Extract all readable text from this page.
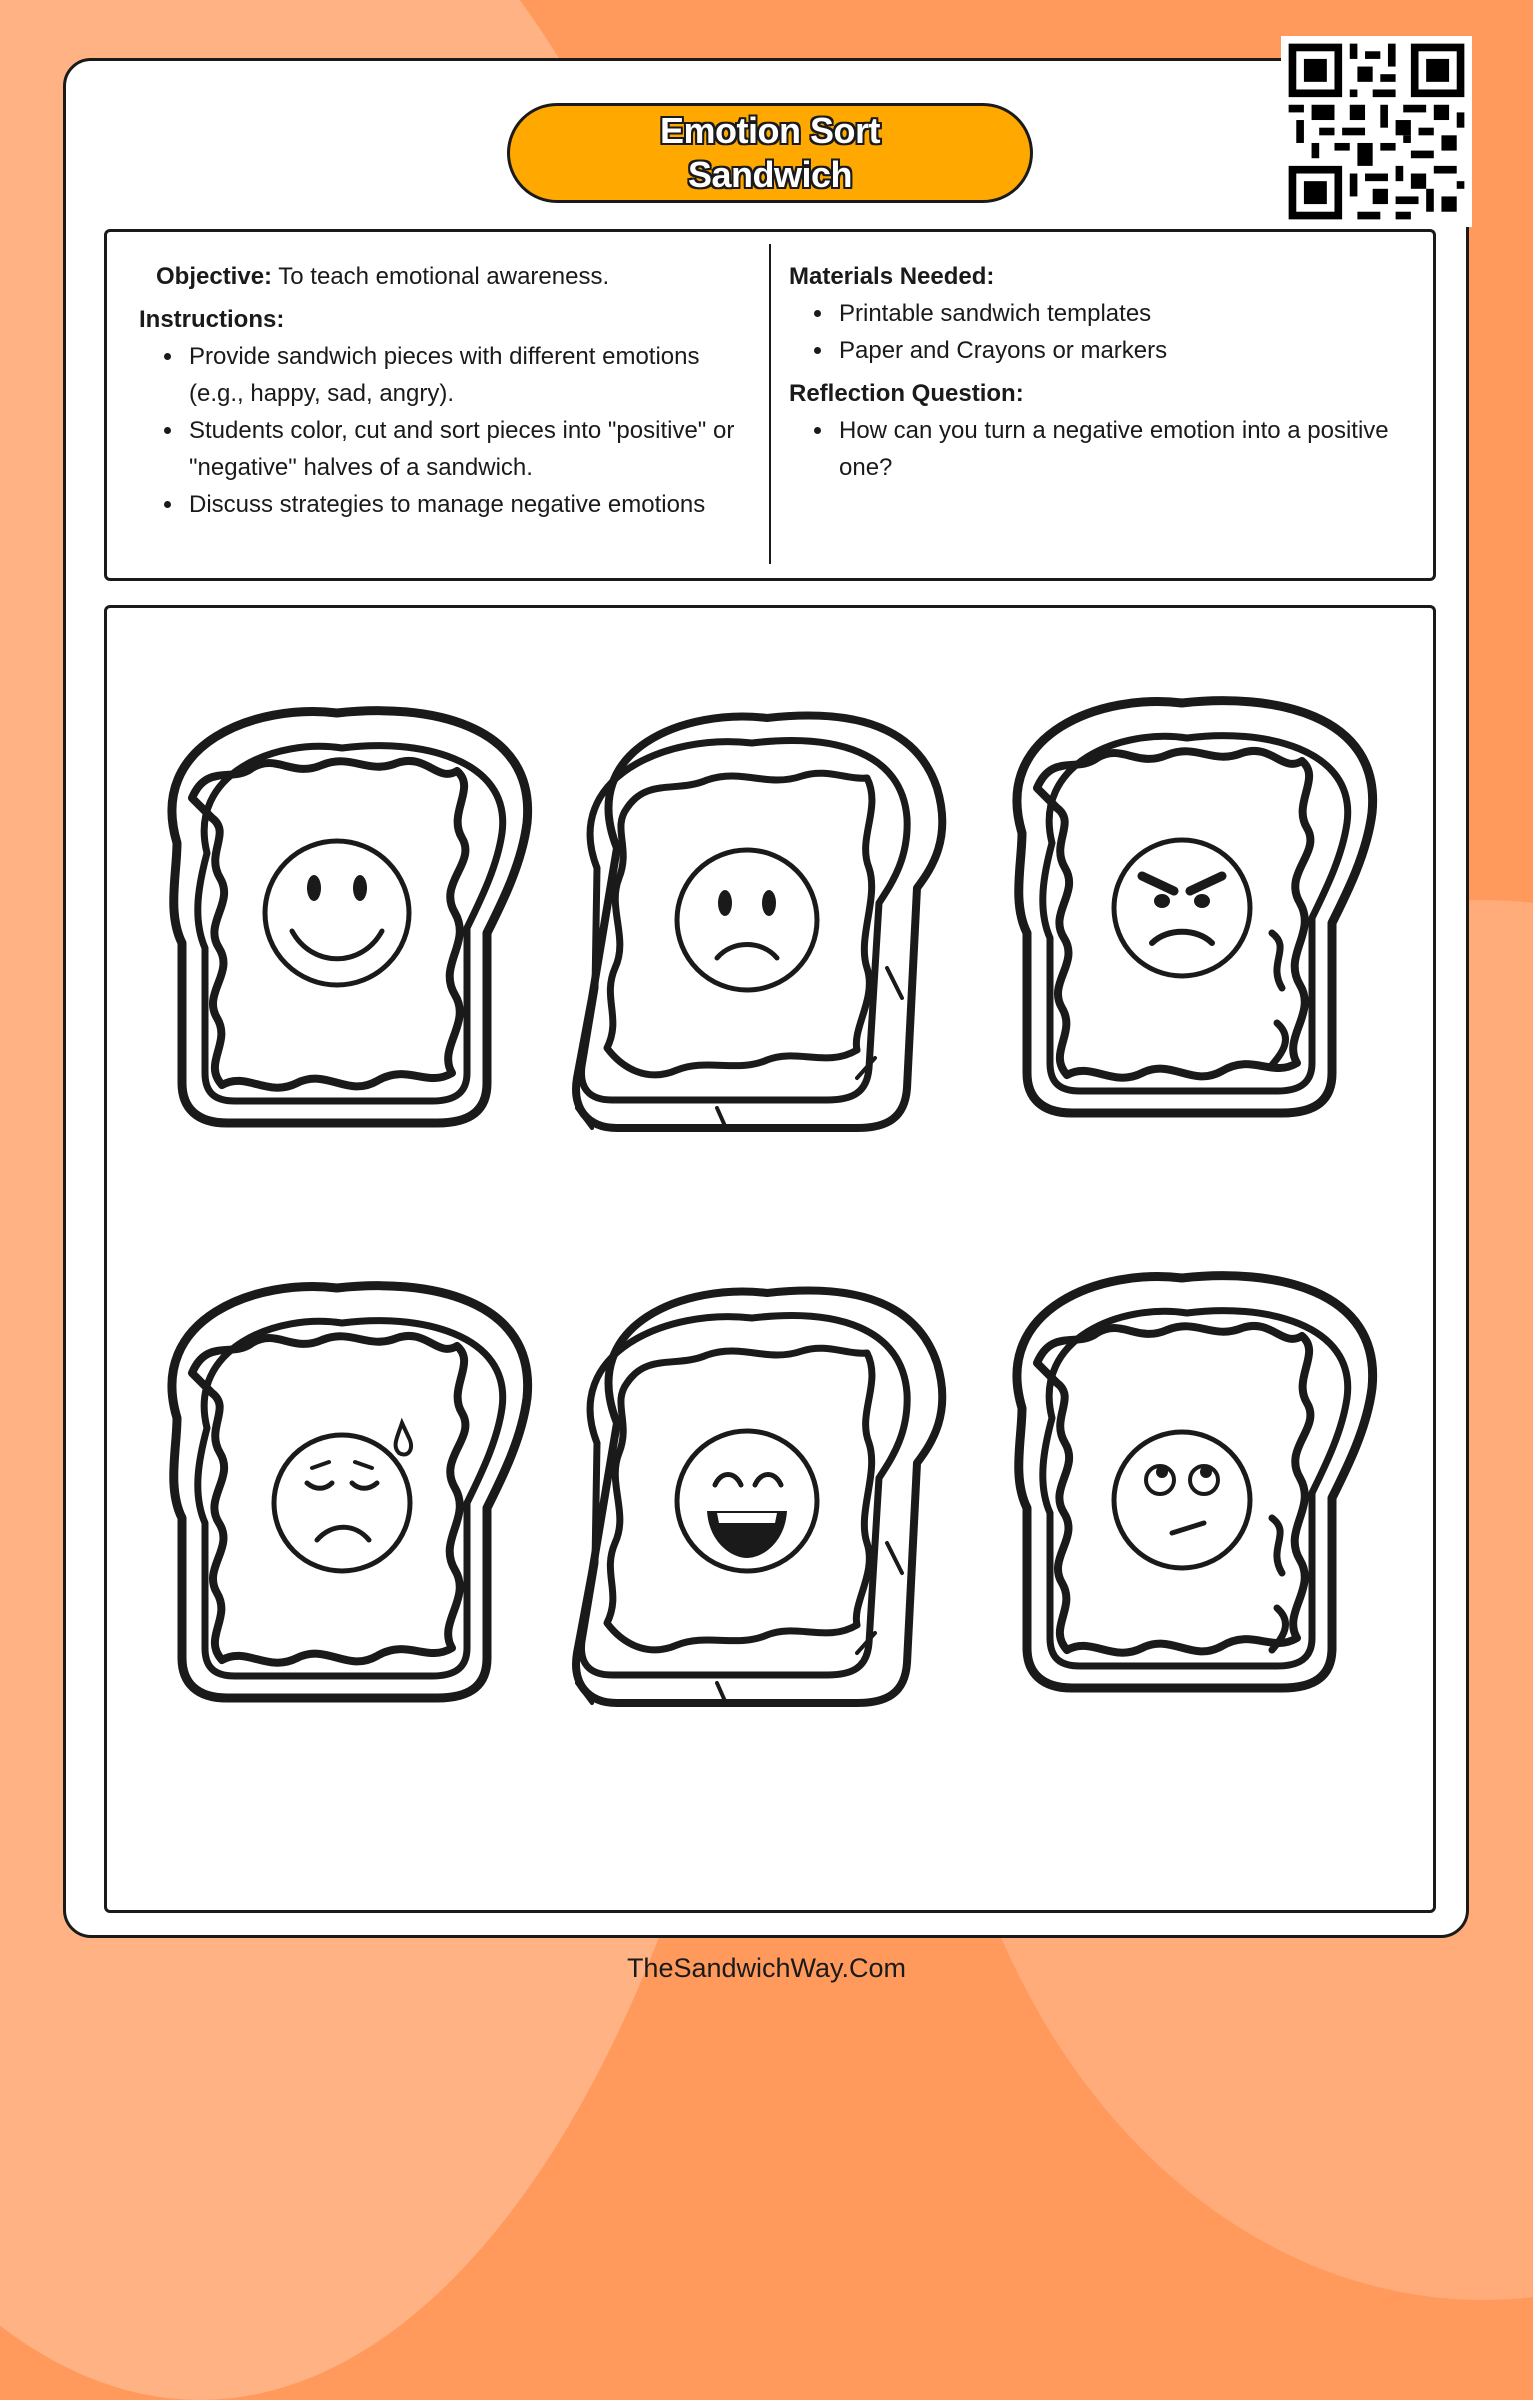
Emotion Sort
Sandwich
Objective: To teach emotional awareness.
Instructions:
• Provide sandwich pieces with different emotions (e.g., happy, sad, angry).
• Students color, cut and sort pieces into "positive" or "negative" halves of a sandwich.
• Discuss strategies to manage negative emotions
Materials Needed:
• Printable sandwich templates
• Paper and Crayons or markers
Reflection Question:
• How can you turn a negative emotion into a positive one?
TheSandwichWay.Com
